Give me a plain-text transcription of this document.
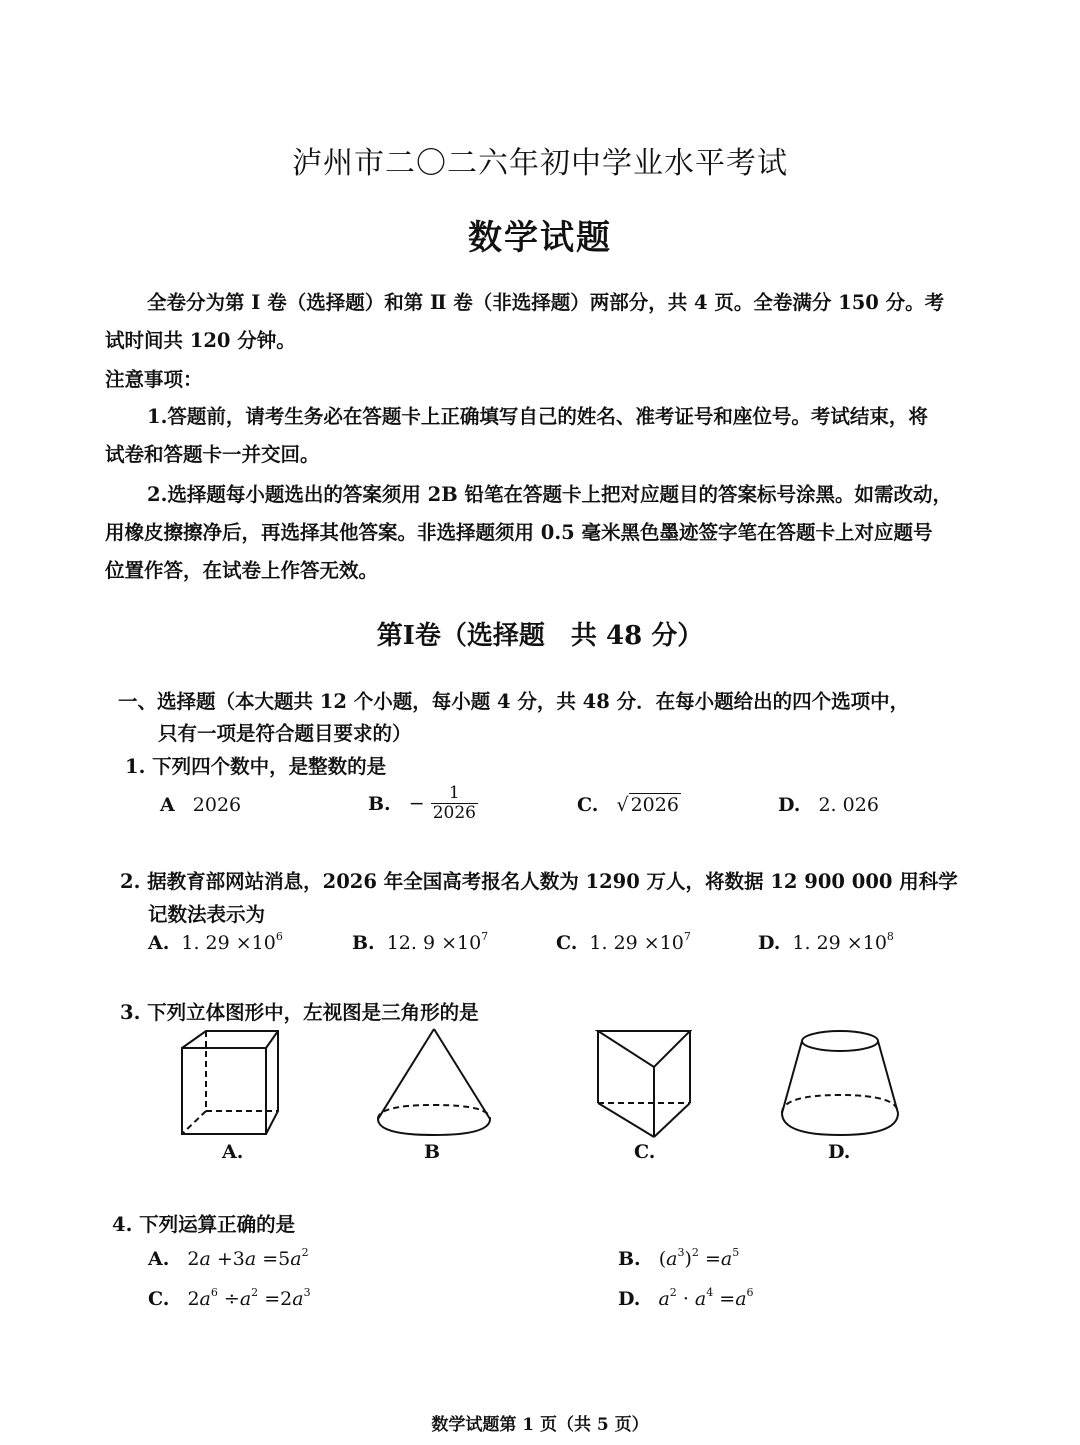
泸州市二〇二六年初中学业水平考试
数学试题
全卷分为第 Ⅰ 卷（选择题）和第 Ⅱ 卷（非选择题）两部分，共 4 页。全卷满分 150 分。考
试时间共 120 分钟。
注意事项：
1.答题前，请考生务必在答题卡上正确填写自己的姓名、准考证号和座位号。考试结束，将
试卷和答题卡一并交回。
2.选择题每小题选出的答案须用 2B 铅笔在答题卡上把对应题目的答案标号涂黑。如需改动，
用橡皮擦擦净后，再选择其他答案。非选择题须用 0.5 毫米黑色墨迹签字笔在答题卡上对应题号
位置作答，在试卷上作答无效。
第Ⅰ卷（选择题　共 48 分）
一、选择题（本大题共 12 个小题，每小题 4 分，共 48 分．在每小题给出的四个选项中，
只有一项是符合题目要求的）
1. 下列四个数中，是整数的是
A 2026	B. − $\frac{1}{2026}$	C. √ 2026	D. 2. 026
2. 据教育部网站消息，2026 年全国高考报名人数为 1290 万人，将数据 12 900 000 用科学
记数法表示为
A. 1. $29 \times 10^6$	B. 12. $9 \times 10^7$	C. 1. $29 \times 10^7$	D. 1. $29 \times 10^8$
3. 下列立体图形中，左视图是三角形的是
A.	B	C.	D.
4. 下列运算正确的是
A. $2a +3a =5a^2$	B. $(a^3)^2 =a^5$
C. $2a^6 \div a^2 =2a^3$	D. $a^2 \cdot a^4 =a^6$
数学试题第 1 页（共 5 页）
